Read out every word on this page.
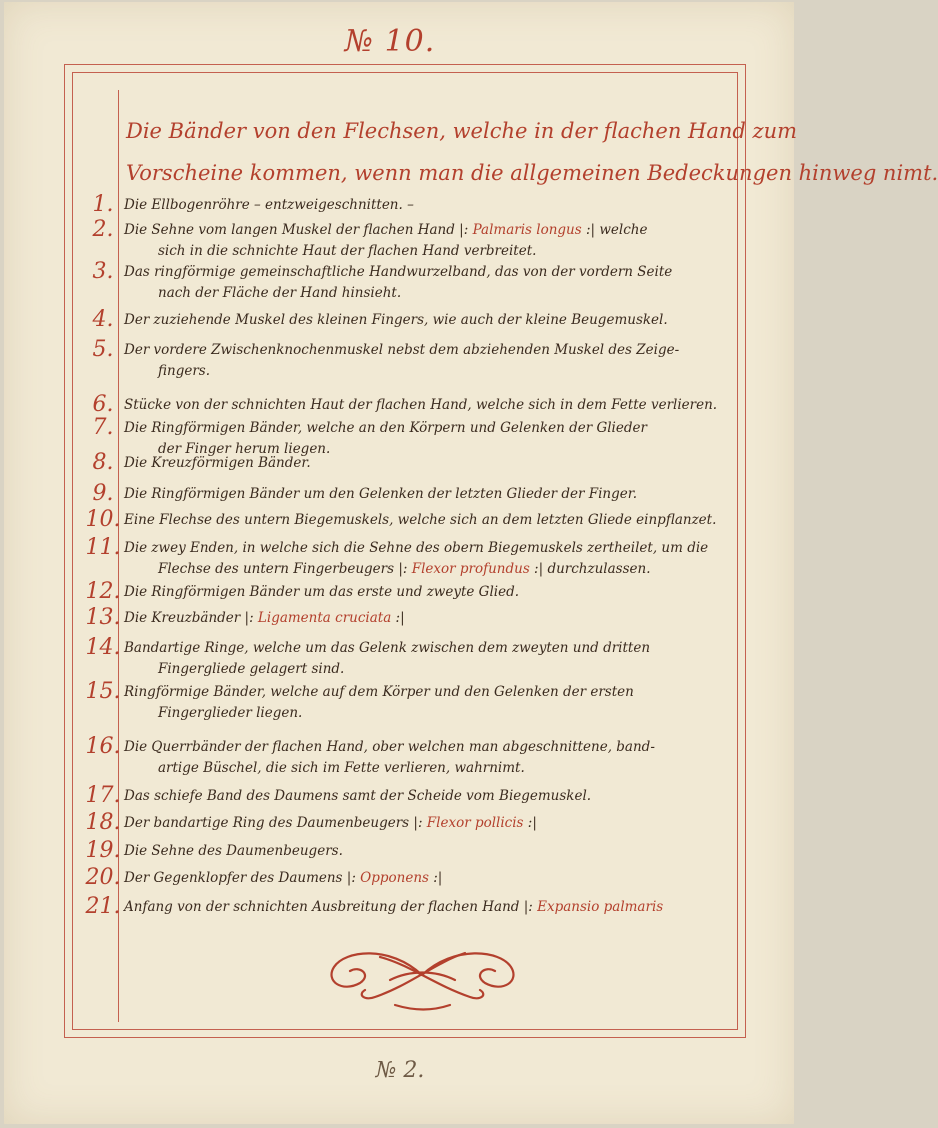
№ 10.
Die Bänder von den Flechsen, welche in der flachen Hand zum
Vorscheine kommen, wenn man die allgemeinen Bedeckungen hinweg nimt.
1. Die Ellbogenröhre – entzweigeschnitten. –
2. Die Sehne vom langen Muskel der flachen Hand |: Palmaris longus :| welche
sich in die schnichte Haut der flachen Hand verbreitet.
3. Das ringförmige gemeinschaftliche Handwurzelband, das von der vordern Seite
nach der Fläche der Hand hinsieht.
4. Der zuziehende Muskel des kleinen Fingers, wie auch der kleine Beugemuskel.
5. Der vordere Zwischenknochenmuskel nebst dem abziehenden Muskel des Zeige-
fingers.
6. Stücke von der schnichten Haut der flachen Hand, welche sich in dem Fette verlieren.
7. Die Ringförmigen Bänder, welche an den Körpern und Gelenken der Glieder
der Finger herum liegen.
8. Die Kreuzförmigen Bänder.
9. Die Ringförmigen Bänder um den Gelenken der letzten Glieder der Finger.
10. Eine Flechse des untern Biegemuskels, welche sich an dem letzten Gliede einpflanzet.
11. Die zwey Enden, in welche sich die Sehne des obern Biegemuskels zertheilet, um die
Flechse des untern Fingerbeugers |: Flexor profundus :| durchzulassen.
12. Die Ringförmigen Bänder um das erste und zweyte Glied.
13. Die Kreuzbänder |: Ligamenta cruciata :|
14. Bandartige Ringe, welche um das Gelenk zwischen dem zweyten und dritten
Fingergliede gelagert sind.
15. Ringförmige Bänder, welche auf dem Körper und den Gelenken der ersten
Fingerglieder liegen.
16. Die Querrbänder der flachen Hand, ober welchen man abgeschnittene, band-
artige Büschel, die sich im Fette verlieren, wahrnimt.
17. Das schiefe Band des Daumens samt der Scheide vom Biegemuskel.
18. Der bandartige Ring des Daumenbeugers |: Flexor pollicis :|
19. Die Sehne des Daumenbeugers.
20. Der Gegenklopfer des Daumens |: Opponens :|
21. Anfang von der schnichten Ausbreitung der flachen Hand |: Expansio palmaris
№ 2.
